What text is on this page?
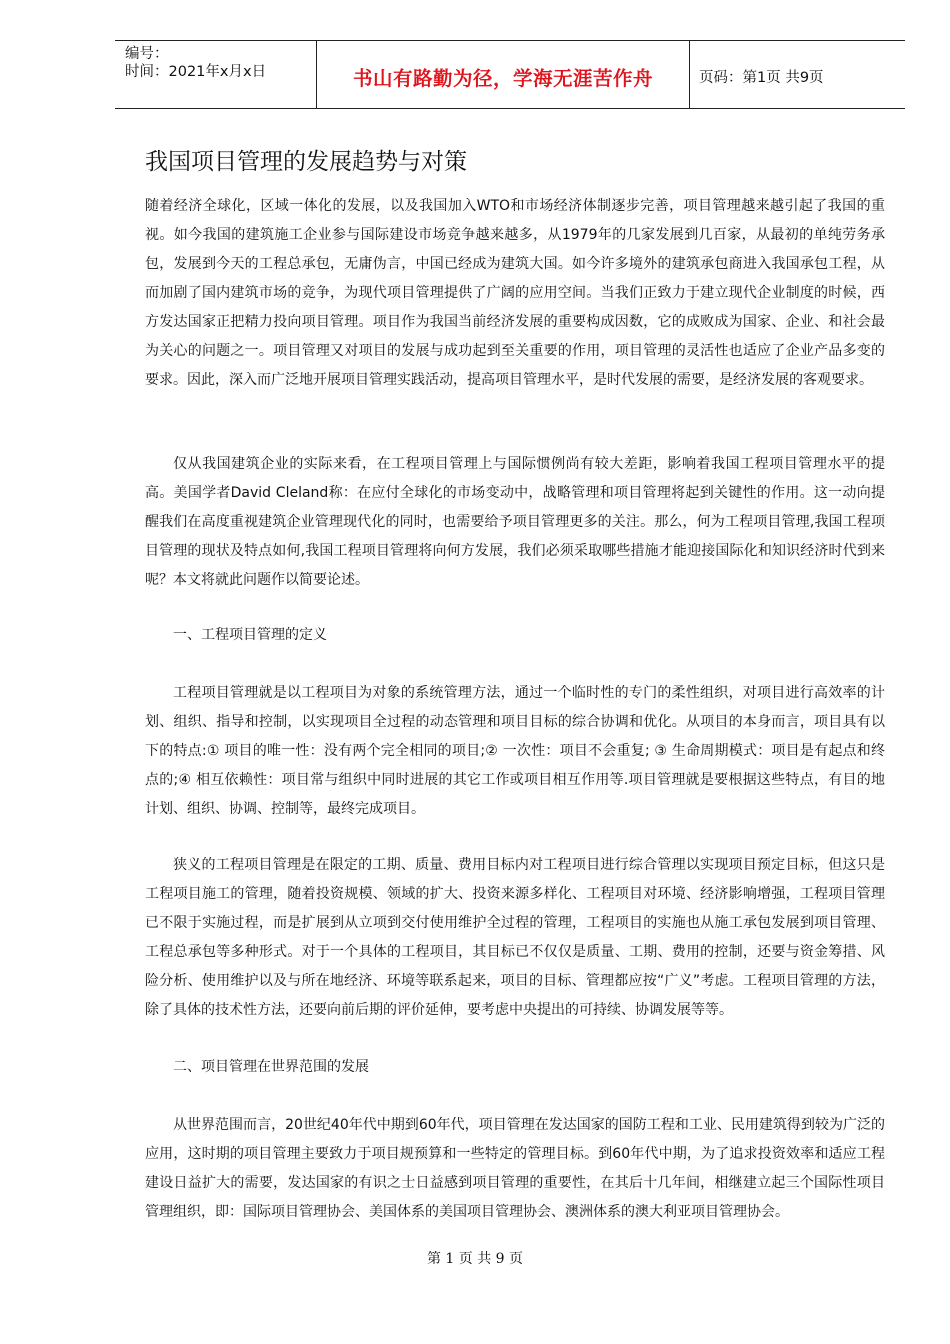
编号：
时间：2021年x月x日	书山有路勤为径，学海无涯苦作舟	页码：第1页 共9页
我国项目管理的发展趋势与对策

随着经济全球化，区域一体化的发展，以及我国加入WTO和市场经济体制逐步完善，项目管理越来越引起了我国的重视。如今我国的建筑施工企业参与国际建设市场竞争越来越多，从1979年的几家发展到几百家，从最初的单纯劳务承包，发展到今天的工程总承包，无庸伪言，中国已经成为建筑大国。如今许多境外的建筑承包商进入我国承包工程，从而加剧了国内建筑市场的竞争，为现代项目管理提供了广阔的应用空间。当我们正致力于建立现代企业制度的时候，西方发达国家正把精力投向项目管理。项目作为我国当前经济发展的重要构成因数，它的成败成为国家、企业、和社会最为关心的问题之一。项目管理又对项目的发展与成功起到至关重要的作用，项目管理的灵活性也适应了企业产品多变的要求。因此，深入而广泛地开展项目管理实践活动，提高项目管理水平，是时代发展的需要，是经济发展的客观要求。

仅从我国建筑企业的实际来看，在工程项目管理上与国际惯例尚有较大差距，影响着我国工程项目管理水平的提高。美国学者David Cleland称：在应付全球化的市场变动中，战略管理和项目管理将起到关键性的作用。这一动向提醒我们在高度重视建筑企业管理现代化的同时，也需要给予项目管理更多的关注。那么，何为工程项目管理,我国工程项目管理的现状及特点如何,我国工程项目管理将向何方发展，我们必须采取哪些措施才能迎接国际化和知识经济时代到来呢？本文将就此问题作以简要论述。

一、工程项目管理的定义

工程项目管理就是以工程项目为对象的系统管理方法，通过一个临时性的专门的柔性组织，对项目进行高效率的计划、组织、指导和控制，以实现项目全过程的动态管理和项目目标的综合协调和优化。从项目的本身而言，项目具有以下的特点:① 项目的唯一性：没有两个完全相同的项目;② 一次性：项目不会重复; ③ 生命周期模式：项目是有起点和终点的;④ 相互依赖性：项目常与组织中同时进展的其它工作或项目相互作用等.项目管理就是要根据这些特点，有目的地计划、组织、协调、控制等，最终完成项目。

狭义的工程项目管理是在限定的工期、质量、费用目标内对工程项目进行综合管理以实现项目预定目标，但这只是工程项目施工的管理，随着投资规模、领域的扩大、投资来源多样化、工程项目对环境、经济影响增强，工程项目管理已不限于实施过程，而是扩展到从立项到交付使用维护全过程的管理，工程项目的实施也从施工承包发展到项目管理、工程总承包等多种形式。对于一个具体的工程项目，其目标已不仅仅是质量、工期、费用的控制，还要与资金筹措、风险分析、使用维护以及与所在地经济、环境等联系起来，项目的目标、管理都应按“广义”考虑。工程项目管理的方法，除了具体的技术性方法，还要向前后期的评价延伸，要考虑中央提出的可持续、协调发展等等。

二、项目管理在世界范围的发展

从世界范围而言，20世纪40年代中期到60年代，项目管理在发达国家的国防工程和工业、民用建筑得到较为广泛的应用，这时期的项目管理主要致力于项目规预算和一些特定的管理目标。到60年代中期，为了追求投资效率和适应工程建设日益扩大的需要，发达国家的有识之士日益感到项目管理的重要性，在其后十几年间，相继建立起三个国际性项目管理组织，即：国际项目管理协会、美国体系的美国项目管理协会、澳洲体系的澳大利亚项目管理协会。

第 1 页 共 9 页
